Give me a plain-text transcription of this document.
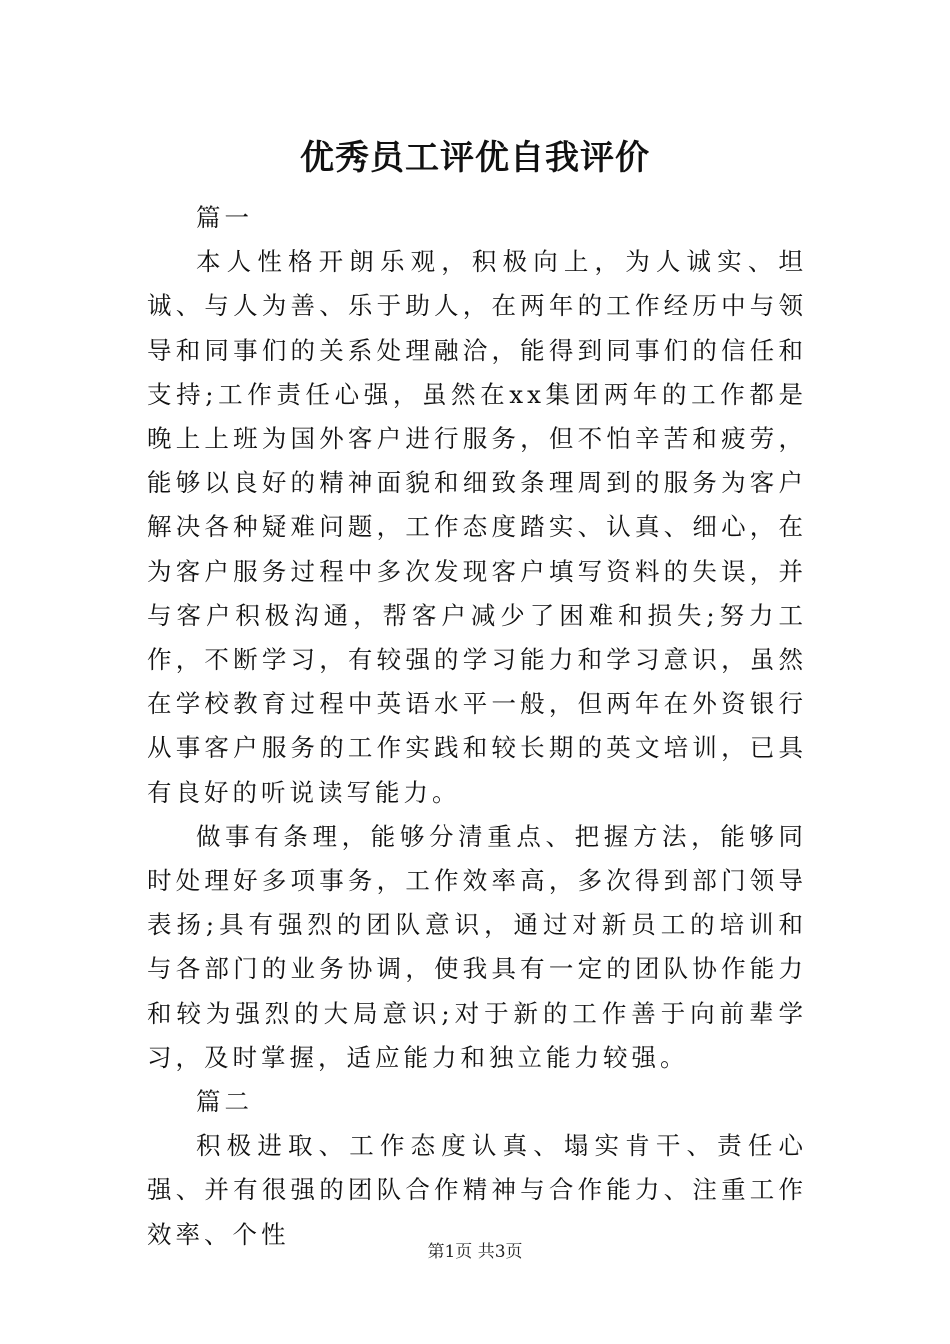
优秀员工评优自我评价

篇一

本人性格开朗乐观，积极向上，为人诚实、坦诚、与人为善、乐于助人，在两年的工作经历中与领导和同事们的关系处理融洽，能得到同事们的信任和支持;工作责任心强，虽然在xx集团两年的工作都是晚上上班为国外客户进行服务，但不怕辛苦和疲劳，能够以良好的精神面貌和细致条理周到的服务为客户解决各种疑难问题，工作态度踏实、认真、细心，在为客户服务过程中多次发现客户填写资料的失误，并与客户积极沟通，帮客户减少了困难和损失;努力工作，不断学习，有较强的学习能力和学习意识，虽然在学校教育过程中英语水平一般，但两年在外资银行从事客户服务的工作实践和较长期的英文培训，已具有良好的听说读写能力。

做事有条理，能够分清重点、把握方法，能够同时处理好多项事务，工作效率高，多次得到部门领导表扬;具有强烈的团队意识，通过对新员工的培训和与各部门的业务协调，使我具有一定的团队协作能力和较为强烈的大局意识;对于新的工作善于向前辈学习，及时掌握，适应能力和独立能力较强。

篇二

积极进取、工作态度认真、塌实肯干、责任心强、并有很强的团队合作精神与合作能力、注重工作效率、个性

第1页 共3页
